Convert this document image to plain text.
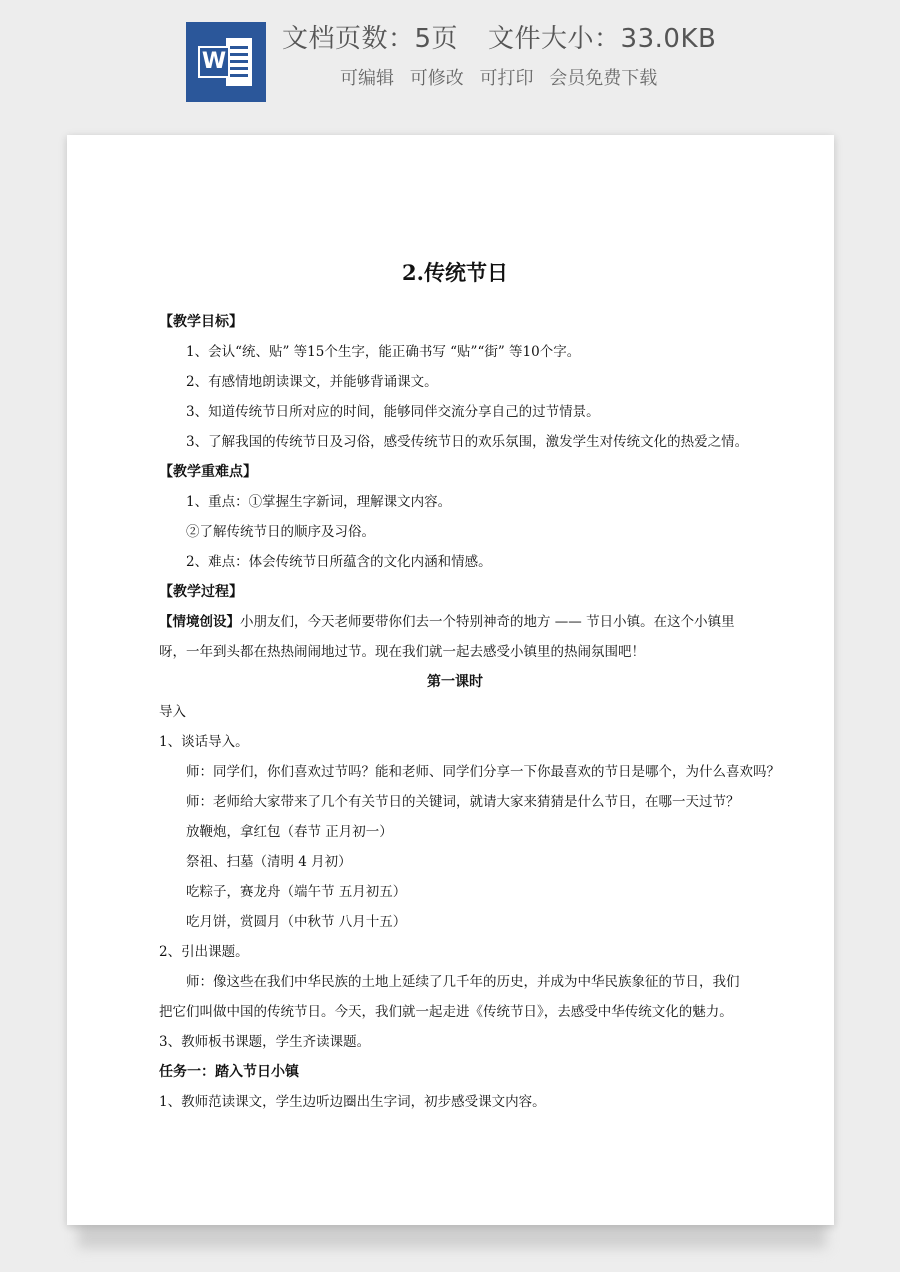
W
文档页数：5页 文件大小：33.0KB
可编辑 可修改 可打印 会员免费下载
2.传统节日
【教学目标】
1、会认“统、贴” 等15个生字，能正确书写 “贴”“街” 等10个字。
2、有感情地朗读课文，并能够背诵课文。
3、知道传统节日所对应的时间，能够同伴交流分享自己的过节情景。
3、了解我国的传统节日及习俗，感受传统节日的欢乐氛围，激发学生对传统文化的热爱之情。
【教学重难点】
1、重点：①掌握生字新词，理解课文内容。
②了解传统节日的顺序及习俗。
2、难点：体会传统节日所蕴含的文化内涵和情感。
【教学过程】
【情境创设】小朋友们，今天老师要带你们去一个特别神奇的地方 —— 节日小镇。在这个小镇里呀，一年到头都在热热闹闹地过节。现在我们就一起去感受小镇里的热闹氛围吧！
第一课时
导入
1、谈话导入。
师：同学们，你们喜欢过节吗？能和老师、同学们分享一下你最喜欢的节日是哪个，为什么喜欢吗？
师：老师给大家带来了几个有关节日的关键词，就请大家来猜猜是什么节日，在哪一天过节？
放鞭炮，拿红包（春节 正月初一）
祭祖、扫墓（清明 4 月初）
吃粽子，赛龙舟（端午节 五月初五）
吃月饼，赏圆月（中秋节 八月十五）
2、引出课题。
师：像这些在我们中华民族的土地上延续了几千年的历史，并成为中华民族象征的节日，我们把它们叫做中国的传统节日。今天，我们就一起走进《传统节日》，去感受中华传统文化的魅力。
3、教师板书课题，学生齐读课题。
任务一：踏入节日小镇
1、教师范读课文，学生边听边圈出生字词，初步感受课文内容。
